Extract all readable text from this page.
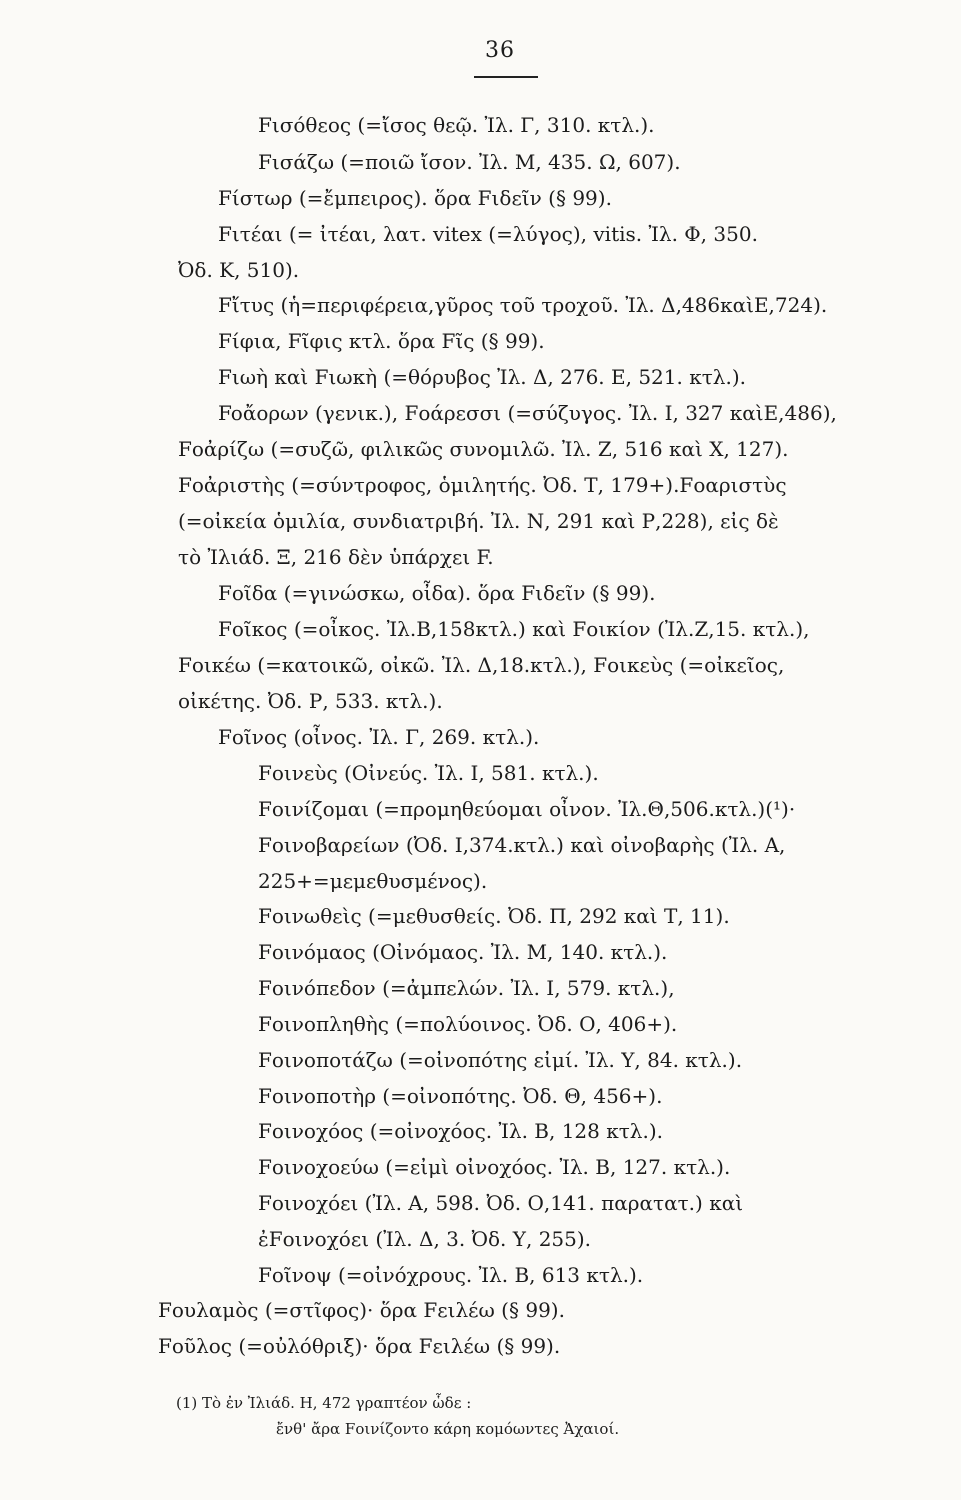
36
Fισόθεος (=ἴσος θεῷ. Ἰλ. Γ, 310. κτλ.).
Fισάζω (=ποιῶ ἴσον. Ἰλ. Μ, 435. Ω, 607).
Fίστωρ (=ἔμπειρος). ὅρα Fιδεῖν (§ 99).
Fιτέαι (= ἰτέαι, λατ. vitex (=λύγος), vitis. Ἰλ. Φ, 350.
Ὀδ. Κ, 510).
Fἴτυς (ἡ=περιφέρεια,γῦρος τοῦ τροχοῦ. Ἰλ. Δ,486καὶΕ,724).
Fίφια, Fῖφις κτλ. ὅρα Fῖς (§ 99).
Fιωὴ καὶ Fιωκὴ (=θόρυβος Ἰλ. Δ, 276. Ε, 521. κτλ.).
Foἄορων (γενικ.), Fοάρεσσι (=σύζυγος. Ἰλ. Ι, 327 καὶΕ,486),
Fοἀρίζω (=συζῶ, φιλικῶς συνομιλῶ. Ἰλ. Ζ, 516 καὶ Χ, 127).
Fοἀριστὴς (=σύντροφος, ὁμιλητής. Ὀδ. Τ, 179+).Fοαριστὺς
(=οἰκεία ὁμιλία, συνδιατριβή. Ἰλ. Ν, 291 καὶ Ρ,228), εἰς δὲ
τὸ Ἰλιάδ. Ξ, 216 δὲν ὑπάρχει F.
Fοῖδα (=γινώσκω, οἶδα). ὅρα Fιδεῖν (§ 99).
Fοῖκος (=οἶκος. Ἰλ.Β,158κτλ.) καὶ Fοικίον (Ἰλ.Ζ,15. κτλ.),
Fοικέω (=κατοικῶ, οἰκῶ. Ἰλ. Δ,18.κτλ.), Fοικεὺς (=οἰκεῖος,
οἰκέτης. Ὀδ. Ρ, 533. κτλ.).
Fοῖνος (οἶνος. Ἰλ. Γ, 269. κτλ.).
Fοινεὺς (Οἰνεύς. Ἰλ. Ι, 581. κτλ.).
Fοινίζομαι (=προμηθεύομαι οἶνον. Ἰλ.Θ,506.κτλ.)(¹)·
Fοινοβαρείων (Ὀδ. Ι,374.κτλ.) καὶ οἰνοβαρὴς (Ἰλ. Α,
225+=μεμεθυσμένος).
Fοινωθεὶς (=μεθυσθείς. Ὀδ. Π, 292 καὶ Τ, 11).
Fοινόμαος (Οἰνόμαος. Ἰλ. Μ, 140. κτλ.).
Fοινόπεδον (=ἀμπελών. Ἰλ. Ι, 579. κτλ.),
Fοινοπληθὴς (=πολύοινος. Ὀδ. Ο, 406+).
Fοινοποτάζω (=οἰνοπότης εἰμί. Ἰλ. Υ, 84. κτλ.).
Fοινοποτὴρ (=οἰνοπότης. Ὀδ. Θ, 456+).
Fοινοχόος (=οἰνοχόος. Ἰλ. Β, 128 κτλ.).
Fοινοχοεύω (=εἰμὶ οἰνοχόος. Ἰλ. Β, 127. κτλ.).
Fοινοχόει (Ἰλ. Α, 598. Ὀδ. Ο,141. παρατατ.) καὶ
ἐFοινοχόει (Ἰλ. Δ, 3. Ὀδ. Υ, 255).
Fοῖνοψ (=οἰνόχρους. Ἰλ. Β, 613 κτλ.).
Fουλαμὸς (=στῖφος)· ὅρα Fειλέω (§ 99).
Fοῦλος (=οὐλόθριξ)· ὅρα Fειλέω (§ 99).
(1) Τὸ ἐν Ἰλιάδ. Η, 472 γραπτέον ὧδε :
ἔνθ' ἄρα Fοινίζοντο κάρη κομόωντες Ἀχαιοί.
